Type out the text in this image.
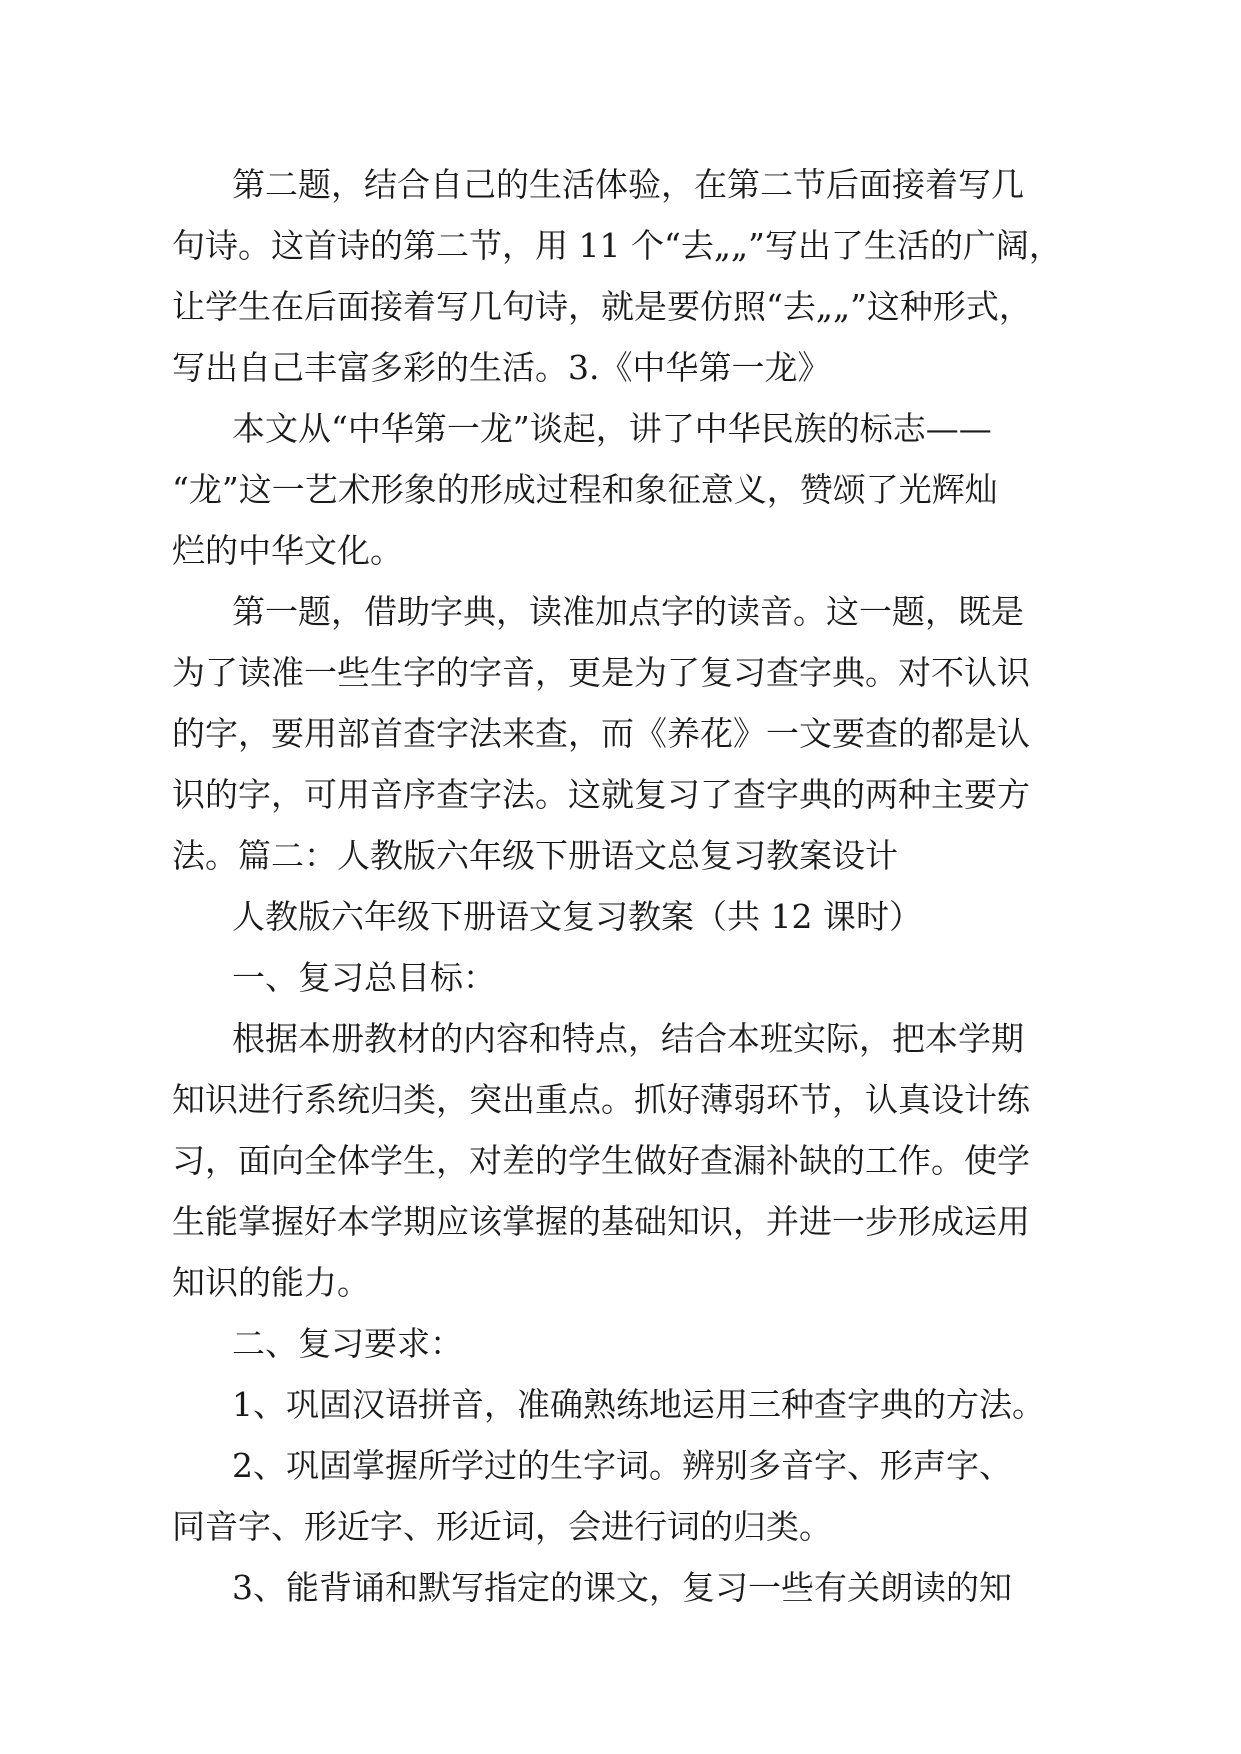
第二题，结合自己的生活体验，在第二节后面接着写几
句诗。这首诗的第二节，用 11 个“去„„”写出了生活的广阔，
让学生在后面接着写几句诗，就是要仿照“去„„”这种形式，
写出自己丰富多彩的生活。3.《中华第一龙》
本文从“中华第一龙”谈起，讲了中华民族的标志——
“龙”这一艺术形象的形成过程和象征意义，赞颂了光辉灿
烂的中华文化。
第一题，借助字典，读准加点字的读音。这一题，既是
为了读准一些生字的字音，更是为了复习查字典。对不认识
的字，要用部首查字法来查，而《养花》一文要查的都是认
识的字，可用音序查字法。这就复习了查字典的两种主要方
法。篇二：人教版六年级下册语文总复习教案设计
人教版六年级下册语文复习教案（共 12 课时）
一、复习总目标：
根据本册教材的内容和特点，结合本班实际，把本学期
知识进行系统归类，突出重点。抓好薄弱环节，认真设计练
习，面向全体学生，对差的学生做好查漏补缺的工作。使学
生能掌握好本学期应该掌握的基础知识，并进一步形成运用
知识的能力。
二、复习要求：
1、巩固汉语拼音，准确熟练地运用三种查字典的方法。
2、巩固掌握所学过的生字词。辨别多音字、形声字、
同音字、形近字、形近词，会进行词的归类。
3、能背诵和默写指定的课文，复习一些有关朗读的知
